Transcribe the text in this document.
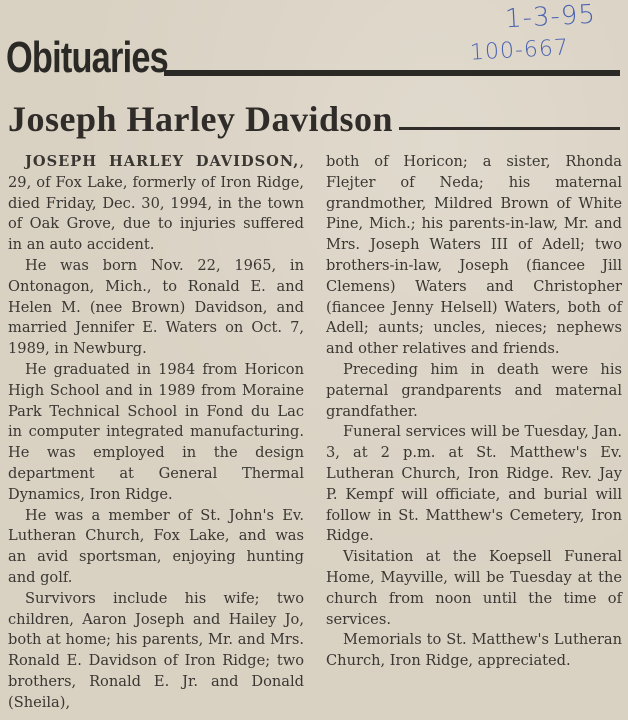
1-3-95
100-667
Obituaries
Joseph Harley Davidson

JOSEPH HARLEY DAVIDSON,, 29, of Fox Lake, formerly of Iron Ridge, died Friday, Dec. 30, 1994, in the town of Oak Grove, due to injuries suffered in an auto accident.

He was born Nov. 22, 1965, in Ontonagon, Mich., to Ronald E. and Helen M. (nee Brown) Davidson, and married Jennifer E. Waters on Oct. 7, 1989, in Newburg.

He graduated in 1984 from Horicon High School and in 1989 from Moraine Park Technical School in Fond du Lac in computer integrated manufacturing. He was employed in the design department at General Thermal Dynamics, Iron Ridge.

He was a member of St. John's Ev. Lutheran Church, Fox Lake, and was an avid sportsman, enjoying hunting and golf.

Survivors include his wife; two children, Aaron Joseph and Hailey Jo, both at home; his parents, Mr. and Mrs. Ronald E. Davidson of Iron Ridge; two brothers, Ronald E. Jr. and Donald (Sheila),

both of Horicon; a sister, Rhonda Flejter of Neda; his maternal grandmother, Mildred Brown of White Pine, Mich.; his parents-in-law, Mr. and Mrs. Joseph Waters III of Adell; two brothers-in-law, Joseph (fiancee Jill Clemens) Waters and Christopher (fiancee Jenny Helsell) Waters, both of Adell; aunts; uncles, nieces; nephews and other relatives and friends.

Preceding him in death were his paternal grandparents and maternal grandfather.

Funeral services will be Tuesday, Jan. 3, at 2 p.m. at St. Matthew's Ev. Lutheran Church, Iron Ridge. Rev. Jay P. Kempf will officiate, and burial will follow in St. Matthew's Cemetery, Iron Ridge.

Visitation at the Koepsell Funeral Home, Mayville, will be Tuesday at the church from noon until the time of services.

Memorials to St. Matthew's Lutheran Church, Iron Ridge, appreciated.
